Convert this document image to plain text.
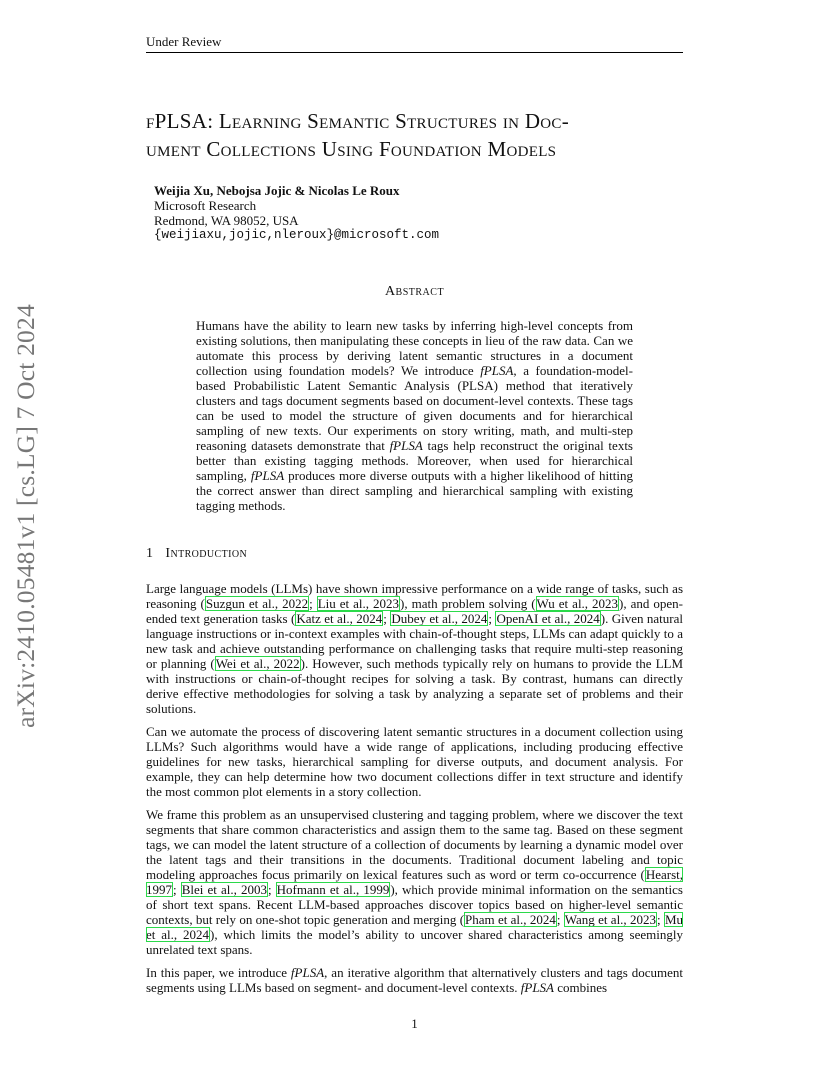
Under Review
arXiv:2410.05481v1 [cs.LG] 7 Oct 2024
fPLSA: Learning Semantic Structures in Doc-
ument Collections Using Foundation Models
Weijia Xu, Nebojsa Jojic & Nicolas Le Roux
Microsoft Research
Redmond, WA 98052, USA
{weijiaxu,jojic,nleroux}@microsoft.com
Abstract
Humans have the ability to learn new tasks by inferring high-level concepts from existing solutions, then manipulating these concepts in lieu of the raw data. Can we automate this process by deriving latent semantic structures in a document collection using foundation models? We introduce fPLSA, a foundation-model-based Probabilistic Latent Semantic Analysis (PLSA) method that iteratively clusters and tags document segments based on document-level contexts. These tags can be used to model the structure of given documents and for hierarchical sampling of new texts. Our experiments on story writing, math, and multi-step reasoning datasets demonstrate that fPLSA tags help reconstruct the original texts better than existing tagging methods. Moreover, when used for hierarchical sampling, fPLSA produces more diverse outputs with a higher likelihood of hitting the correct answer than direct sampling and hierarchical sampling with existing tagging methods.
1 Introduction

Large language models (LLMs) have shown impressive performance on a wide range of tasks, such as reasoning (Suzgun et al., 2022; Liu et al., 2023), math problem solving (Wu et al., 2023), and open-ended text generation tasks (Katz et al., 2024; Dubey et al., 2024; OpenAI et al., 2024). Given natural language instructions or in-context examples with chain-of-thought steps, LLMs can adapt quickly to a new task and achieve outstanding performance on challenging tasks that require multi-step reasoning or planning (Wei et al., 2022). However, such methods typically rely on humans to provide the LLM with instructions or chain-of-thought recipes for solving a task. By contrast, humans can directly derive effective methodologies for solving a task by analyzing a separate set of problems and their solutions.

Can we automate the process of discovering latent semantic structures in a document collection using LLMs? Such algorithms would have a wide range of applications, including producing effective guidelines for new tasks, hierarchical sampling for diverse outputs, and document analysis. For example, they can help determine how two document collections differ in text structure and identify the most common plot elements in a story collection.

We frame this problem as an unsupervised clustering and tagging problem, where we discover the text segments that share common characteristics and assign them to the same tag. Based on these segment tags, we can model the latent structure of a collection of documents by learning a dynamic model over the latent tags and their transitions in the documents. Traditional document labeling and topic modeling approaches focus primarily on lexical features such as word or term co-occurrence (Hearst, 1997; Blei et al., 2003; Hofmann et al., 1999), which provide minimal information on the semantics of short text spans. Recent LLM-based approaches discover topics based on higher-level semantic contexts, but rely on one-shot topic generation and merging (Pham et al., 2024; Wang et al., 2023; Mu et al., 2024), which limits the model’s ability to uncover shared characteristics among seemingly unrelated text spans.

In this paper, we introduce fPLSA, an iterative algorithm that alternatively clusters and tags document segments using LLMs based on segment- and document-level contexts. fPLSA combines

1
